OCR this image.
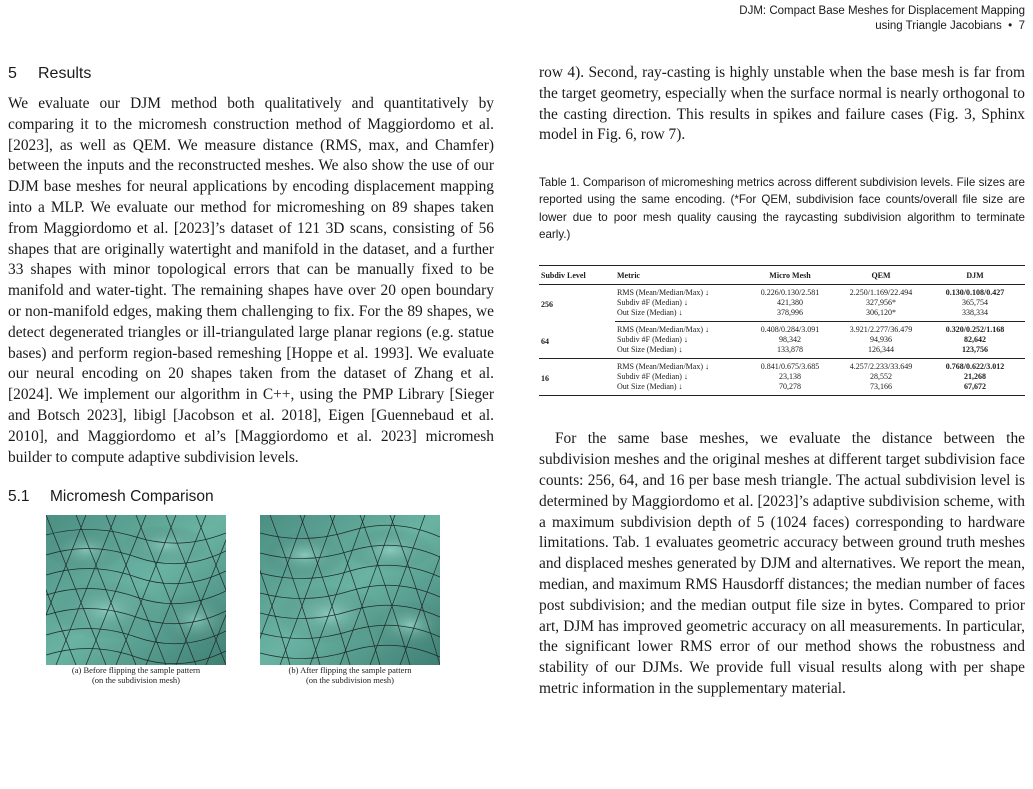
DJM: Compact Base Meshes for Displacement Mapping
using Triangle Jacobians • 7
5 Results

We evaluate our DJM method both qualitatively and quantitatively by comparing it to the micromesh construction method of Maggiordomo et al. [2023], as well as QEM. We measure distance (RMS, max, and Chamfer) between the inputs and the reconstructed meshes. We also show the use of our DJM base meshes for neural applications by encoding displacement mapping into a MLP. We evaluate our method for micromeshing on 89 shapes taken from Maggiordomo et al. [2023]’s dataset of 121 3D scans, consisting of 56 shapes that are originally watertight and manifold in the dataset, and a further 33 shapes with minor topological errors that can be manually fixed to be manifold and water-tight. The remaining shapes have over 20 open boundary or non-manifold edges, making them challenging to fix. For the 89 shapes, we detect degenerated triangles or ill-triangulated large planar regions (e.g. statue bases) and perform region-based remeshing [Hoppe et al. 1993]. We evaluate our neural encoding on 20 shapes taken from the dataset of Zhang et al. [2024]. We implement our algorithm in C++, using the PMP Library [Sieger and Botsch 2023], libigl [Jacobson et al. 2018], Eigen [Guennebaud et al. 2010], and Maggiordomo et al’s [Maggiordomo et al. 2023] micromesh builder to compute adaptive subdivision levels.

5.1 Micromesh Comparison
(a) Before flipping the sample pattern
(on the subdivision mesh)
(b) After flipping the sample pattern
(on the subdivision mesh)

row 4). Second, ray-casting is highly unstable when the base mesh is far from the target geometry, especially when the surface normal is nearly orthogonal to the casting direction. This results in spikes and failure cases (Fig. 3, Sphinx model in Fig. 6, row 7).

Table 1. Comparison of micromeshing metrics across different subdivision levels. File sizes are reported using the same encoding. (*For QEM, subdivision face counts/overall file size are lower due to poor mesh quality causing the raycasting subdivision algorithm to terminate early.)

Subdiv Level	Metric	Micro Mesh	QEM	DJM
256	RMS (Mean/Median/Max) ↓	0.226/0.130/2.581	2.250/1.169/22.494	0.130/0.108/0.427
	Subdiv #F (Median) ↓	421,380	327,956*	365,754
	Out Size (Median) ↓	378,996	306,120*	338,334
64	RMS (Mean/Median/Max) ↓	0.408/0.284/3.091	3.921/2.277/36.479	0.320/0.252/1.168
	Subdiv #F (Median) ↓	98,342	94,936	82,642
	Out Size (Median) ↓	133,878	126,344	123,756
16	RMS (Mean/Median/Max) ↓	0.841/0.675/3.685	4.257/2.233/33.649	0.768/0.622/3.012
	Subdiv #F (Median) ↓	23,138	28,552	21,268
	Out Size (Median) ↓	70,278	73,166	67,672

For the same base meshes, we evaluate the distance between the subdivision meshes and the original meshes at different target subdivision face counts: 256, 64, and 16 per base mesh triangle. The actual subdivision level is determined by Maggiordomo et al. [2023]’s adaptive subdivision scheme, with a maximum subdivision depth of 5 (1024 faces) corresponding to hardware limitations. Tab. 1 evaluates geometric accuracy between ground truth meshes and displaced meshes generated by DJM and alternatives. We report the mean, median, and maximum RMS Hausdorff distances; the median number of faces post subdivision; and the median output file size in bytes. Compared to prior art, DJM has improved geometric accuracy on all measurements. In particular, the significant lower RMS error of our method shows the robustness and stability of our DJMs. We provide full visual results along with per shape metric information in the supplementary material.
